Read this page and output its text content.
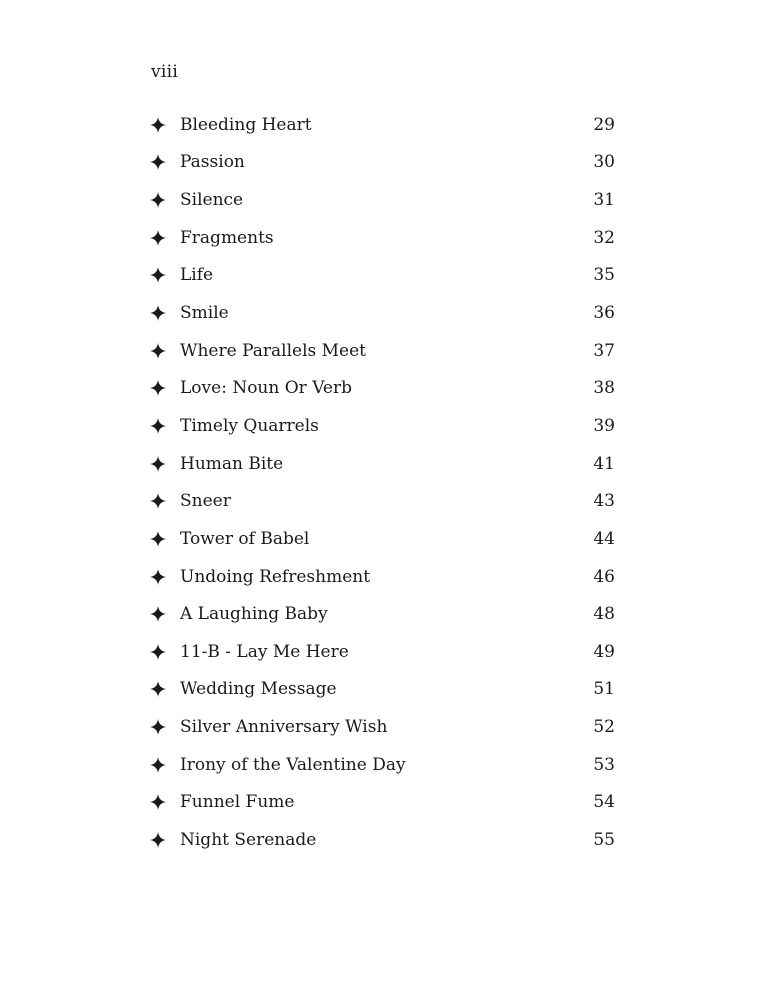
viii
Bleeding Heart	29
Passion	30
Silence	31
Fragments	32
Life	35
Smile	36
Where Parallels Meet	37
Love: Noun Or Verb	38
Timely Quarrels	39
Human Bite	41
Sneer	43
Tower of Babel	44
Undoing Refreshment	46
A Laughing Baby	48
11-B - Lay Me Here	49
Wedding Message	51
Silver Anniversary Wish	52
Irony of the Valentine Day	53
Funnel Fume	54
Night Serenade	55
